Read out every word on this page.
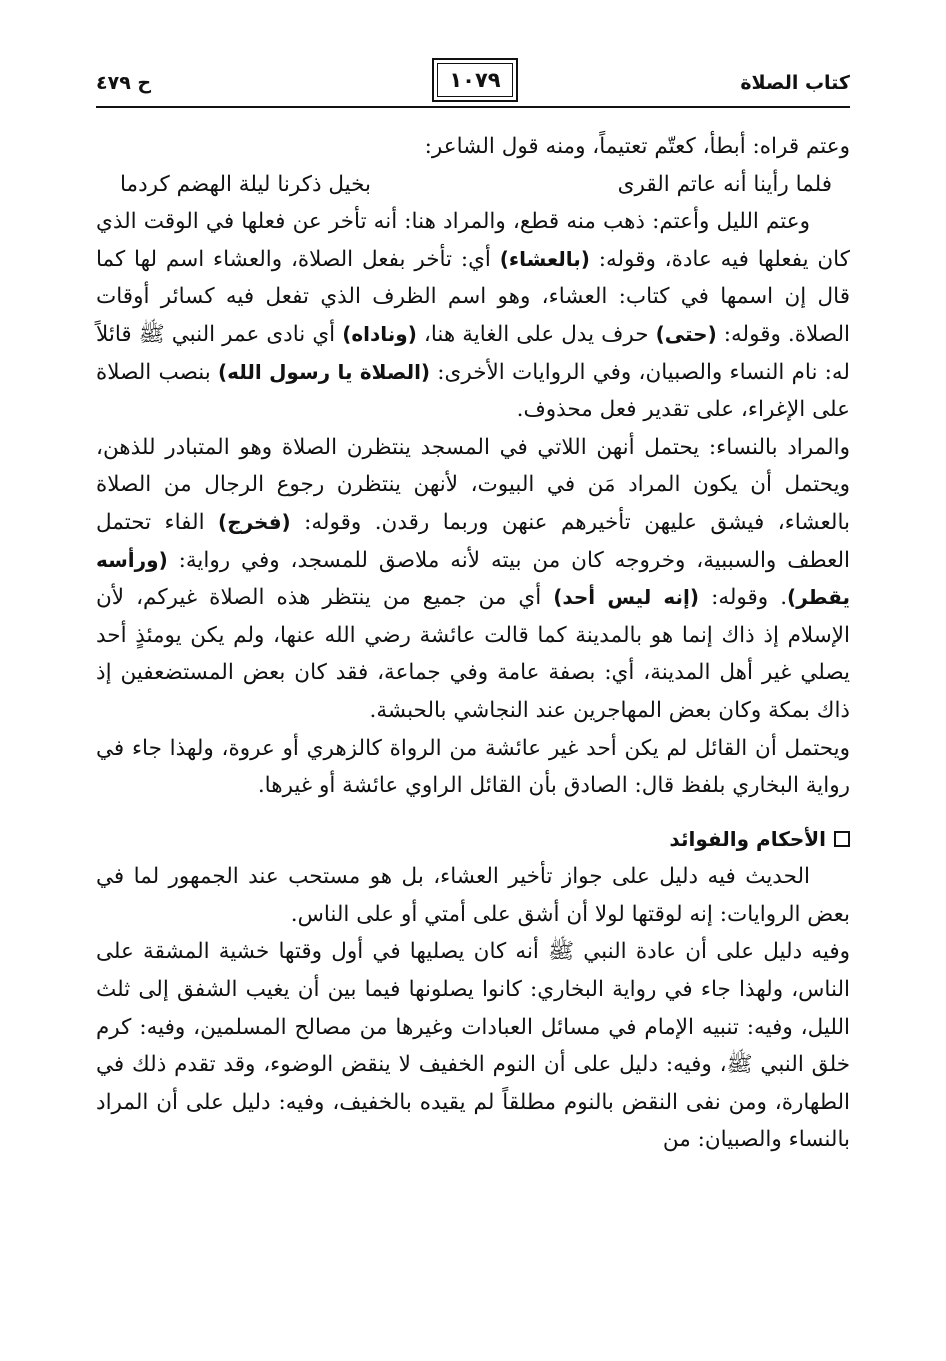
كتاب الصلاة
١٠٧٩
ح ٤٧٩

وعتم قراه: أبطأ، كعتّم تعتيماً، ومنه قول الشاعر:

فلما رأينا أنه عاتم القرى
بخيل ذكرنا ليلة الهضم كردما

وعتم الليل وأعتم: ذهب منه قطع، والمراد هنا: أنه تأخر عن فعلها في الوقت الذي كان يفعلها فيه عادة، وقوله: (بالعشاء) أي: تأخر بفعل الصلاة، والعشاء اسم لها كما قال إن اسمها في كتاب: العشاء، وهو اسم الظرف الذي تفعل فيه كسائر أوقات الصلاة. وقوله: (حتى) حرف يدل على الغاية هنا، (وناداه) أي نادى عمر النبي ﷺ قائلاً له: نام النساء والصبيان، وفي الروايات الأخرى: (الصلاة يا رسول الله) بنصب الصلاة على الإغراء، على تقدير فعل محذوف.

والمراد بالنساء: يحتمل أنهن اللاتي في المسجد ينتظرن الصلاة وهو المتبادر للذهن، ويحتمل أن يكون المراد مَن في البيوت، لأنهن ينتظرن رجوع الرجال من الصلاة بالعشاء، فيشق عليهن تأخيرهم عنهن وربما رقدن. وقوله: (فخرج) الفاء تحتمل العطف والسببية، وخروجه كان من بيته لأنه ملاصق للمسجد، وفي رواية: (ورأسه يقطر). وقوله: (إنه ليس أحد) أي من جميع من ينتظر هذه الصلاة غيركم، لأن الإسلام إذ ذاك إنما هو بالمدينة كما قالت عائشة رضي الله عنها، ولم يكن يومئذٍ أحد يصلي غير أهل المدينة، أي: بصفة عامة وفي جماعة، فقد كان بعض المستضعفين إذ ذاك بمكة وكان بعض المهاجرين عند النجاشي بالحبشة.

ويحتمل أن القائل لم يكن أحد غير عائشة من الرواة كالزهري أو عروة، ولهذا جاء في رواية البخاري بلفظ قال: الصادق بأن القائل الراوي عائشة أو غيرها.

الأحكام والفوائد

الحديث فيه دليل على جواز تأخير العشاء، بل هو مستحب عند الجمهور لما في بعض الروايات: إنه لوقتها لولا أن أشق على أمتي أو على الناس.

وفيه دليل على أن عادة النبي ﷺ أنه كان يصليها في أول وقتها خشية المشقة على الناس، ولهذا جاء في رواية البخاري: كانوا يصلونها فيما بين أن يغيب الشفق إلى ثلث الليل، وفيه: تنبيه الإمام في مسائل العبادات وغيرها من مصالح المسلمين، وفيه: كرم خلق النبي ﷺ، وفيه: دليل على أن النوم الخفيف لا ينقض الوضوء، وقد تقدم ذلك في الطهارة، ومن نفى النقض بالنوم مطلقاً لم يقيده بالخفيف، وفيه: دليل على أن المراد بالنساء والصبيان: من
